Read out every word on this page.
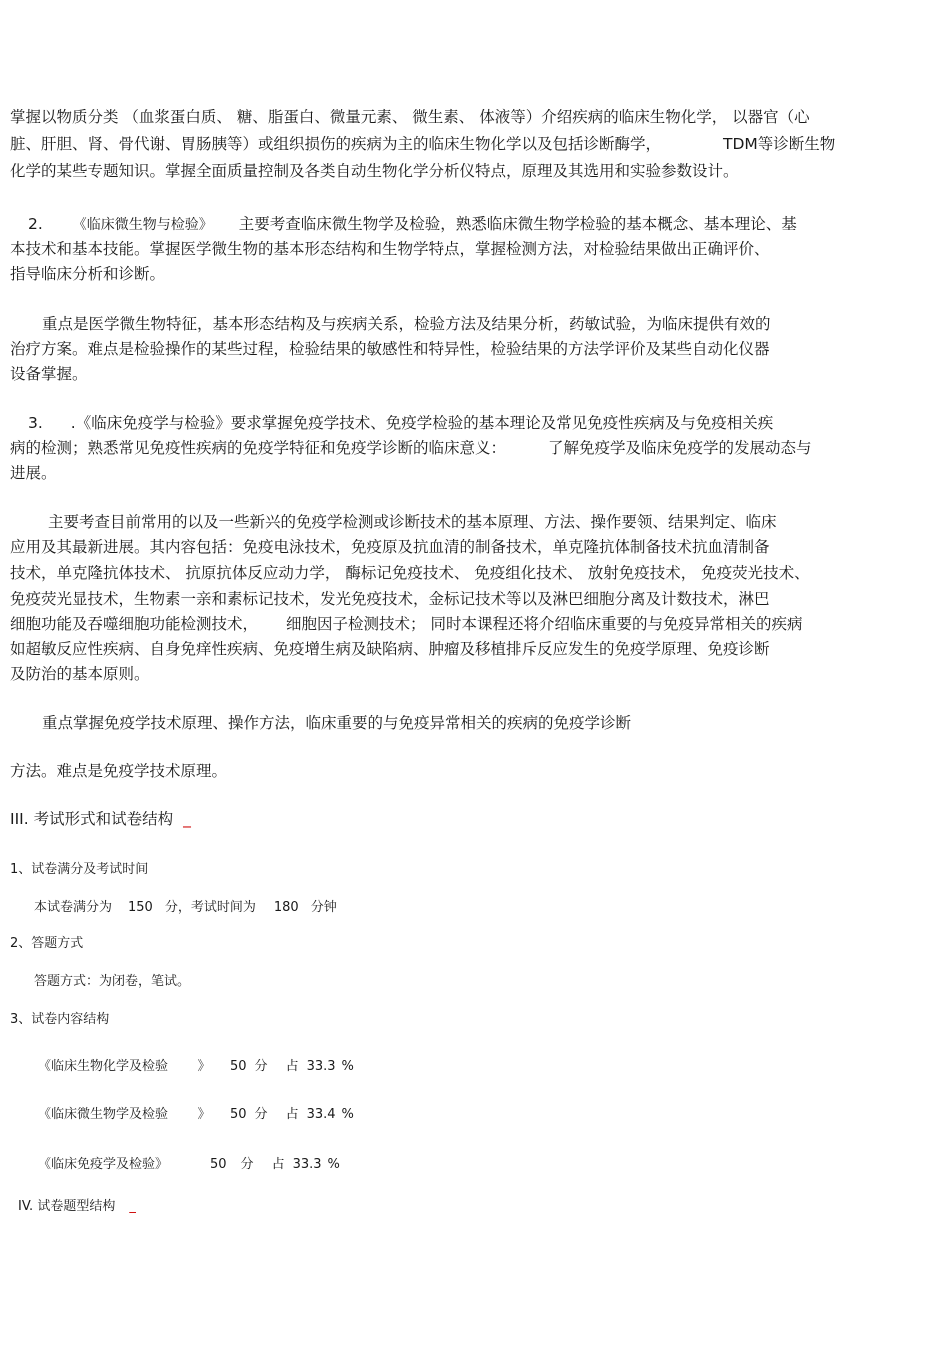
掌握以物质分类 （血浆蛋白质、 糖、脂蛋白、微量元素、 微生素、 体液等）介绍疾病的临床生物化学， 以器官（心
脏、肝胆、肾、骨代谢、胃肠胰等）或组织损伤的疾病为主的临床生物化学以及包括诊断酶学，	TDM等诊断生物
化学的某些专题知识。掌握全面质量控制及各类自动生物化学分析仪特点，原理及其选用和实验参数设计。
2. 《临床微生物与检验》 主要考查临床微生物学及检验，熟悉临床微生物学检验的基本概念、基本理论、基
本技术和基本技能。掌握医学微生物的基本形态结构和生物学特点，掌握检测方法，对检验结果做出正确评价、
指导临床分析和诊断。
重点是医学微生物特征，基本形态结构及与疾病关系，检验方法及结果分析，药敏试验，为临床提供有效的
治疗方案。难点是检验操作的某些过程，检验结果的敏感性和特异性，检验结果的方法学评价及某些自动化仪器
设备掌握。
3. .《临床免疫学与检验》要求掌握免疫学技术、免疫学检验的基本理论及常见免疫性疾病及与免疫相关疾
病的检测；熟悉常见免疫性疾病的免疫学特征和免疫学诊断的临床意义：	了解免疫学及临床免疫学的发展动态与
进展。
主要考查目前常用的以及一些新兴的免疫学检测或诊断技术的基本原理、方法、操作要领、结果判定、临床
应用及其最新进展。其内容包括：免疫电泳技术，免疫原及抗血清的制备技术，单克隆抗体制备技术抗血清制备
技术，单克隆抗体技术、 抗原抗体反应动力学， 酶标记免疫技术、 免疫组化技术、 放射免疫技术， 免疫荧光技术、
免疫荧光显技术，生物素一亲和素标记技术，发光免疫技术，金标记技术等以及淋巴细胞分离及计数技术，淋巴
细胞功能及吞噬细胞功能检测技术， 细胞因子检测技术； 同时本课程还将介绍临床重要的与免疫异常相关的疾病
如超敏反应性疾病、自身免痒性疾病、免疫增生病及缺陷病、肿瘤及移植排斥反应发生的免疫学原理、免疫诊断
及防治的基本原则。
重点掌握免疫学技术原理、操作方法，临床重要的与免疫异常相关的疾病的免疫学诊断
方法。难点是免疫学技术原理。
III. 考试形式和试卷结构 _
1、试卷满分及考试时间
本试卷满分为 150 分，考试时间为 180 分钟
2、答题方式
答题方式：为闭卷，笔试。
3、试卷内容结构
《临床生物化学及检验 》 50 分 占 33.3 %
《临床微生物学及检验 》 50 分 占 33.4 %
《临床免疫学及检验》	50 分 占 33.3 %
IV. 试卷题型结构 _
